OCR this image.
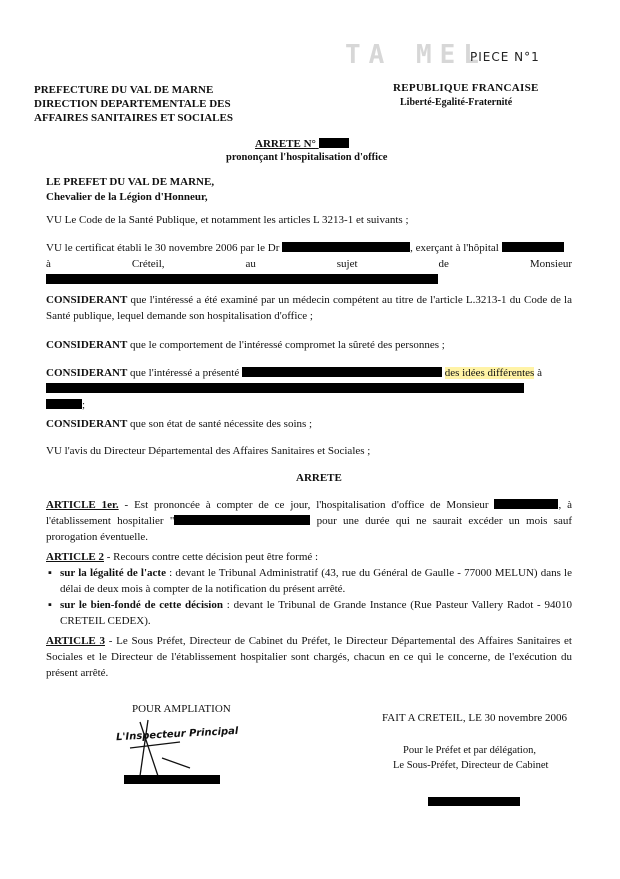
TA MEL
PIECE N°1
PREFECTURE DU VAL DE MARNE
DIRECTION DEPARTEMENTALE DES
AFFAIRES SANITAIRES ET SOCIALES
REPUBLIQUE FRANCAISE
Liberté-Egalité-Fraternité
ARRETE N°
prononçant l'hospitalisation d'office
LE PREFET DU VAL DE MARNE,
Chevalier de la Légion d'Honneur,
VU Le Code de la Santé Publique, et notamment les articles L 3213-1 et suivants ;
VU le certificat établi le 30 novembre 2006 par le Dr	, exerçant à l'hôpital
à Créteil, au sujet de Monsieur
CONSIDERANT que l'intéressé a été examiné par un médecin compétent au titre de l'article L.3213-1 du Code de la Santé publique, lequel demande son hospitalisation d'office ;
CONSIDERANT que le comportement de l'intéressé compromet la sûreté des personnes ;
CONSIDERANT que l'intéressé a présenté	des idées différentes à

;
CONSIDERANT que son état de santé nécessite des soins ;
VU l'avis du Directeur Départemental des Affaires Sanitaires et Sociales ;
ARRETE
ARTICLE 1er. - Est prononcée à compter de ce jour, l'hospitalisation d'office de Monsieur	, à l'établissement hospitalier "	pour une durée qui ne saurait excéder un mois sauf prorogation éventuelle.
ARTICLE 2 - Recours contre cette décision peut être formé :
▪ sur la légalité de l'acte : devant le Tribunal Administratif (43, rue du Général de Gaulle - 77000 MELUN) dans le délai de deux mois à compter de la notification du présent arrêté.
▪ sur le bien-fondé de cette décision : devant le Tribunal de Grande Instance (Rue Pasteur Vallery Radot - 94010 CRETEIL CEDEX).
ARTICLE 3 - Le Sous Préfet, Directeur de Cabinet du Préfet, le Directeur Départemental des Affaires Sanitaires et Sociales et le Directeur de l'établissement hospitalier sont chargés, chacun en ce qui le concerne, de l'exécution du présent arrêté.
POUR AMPLIATION
L'Inspecteur Principal
FAIT A CRETEIL, LE 30 novembre 2006
Pour le Préfet et par délégation,
Le Sous-Préfet, Directeur de Cabinet
